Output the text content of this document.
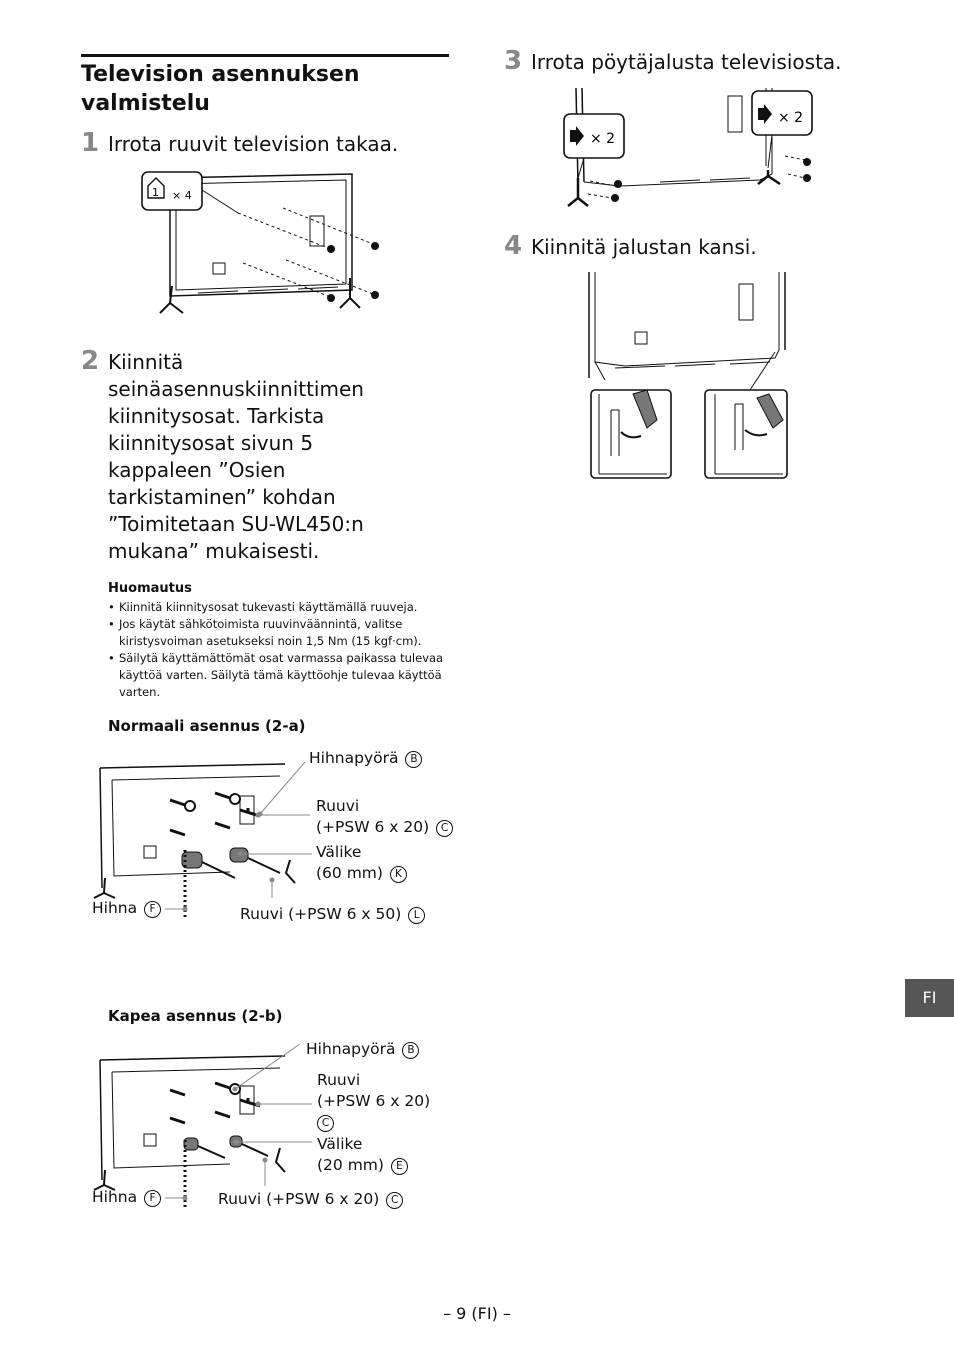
Television asennuksen valmistelu
1 Irrota ruuvit television takaa.
1 × 4
2 Kiinnitä seinäasennuskiinnittimen kiinnitysosat. Tarkista kiinnitysosat sivun 5 kappaleen ”Osien tarkistaminen” kohdan ”Toimitetaan SU-WL450:n mukana” mukaisesti.
Huomautus
• Kiinnitä kiinnitysosat tukevasti käyttämällä ruuveja.
• Jos käytät sähkötoimista ruuvinväännintä, valitse kiristysvoiman asetukseksi noin 1,5 Nm (15 kgf·cm).
• Säilytä käyttämättömät osat varmassa paikassa tulevaa käyttöä varten. Säilytä tämä käyttöohje tulevaa käyttöä varten.
Normaali asennus (2-a)
Hihnapyörä B
Ruuvi
(+PSW 6 x 20) C
Välike
(60 mm) K
Hihna F	Ruuvi (+PSW 6 x 50) L
Kapea asennus (2-b)
Hihnapyörä B
Ruuvi
(+PSW 6 x 20)
C
Välike
(20 mm) E
Hihna F	Ruuvi (+PSW 6 x 20) C
3 Irrota pöytäjalusta televisiosta.
× 2
× 2
4 Kiinnitä jalustan kansi.
FI
– 9 (FI) –
